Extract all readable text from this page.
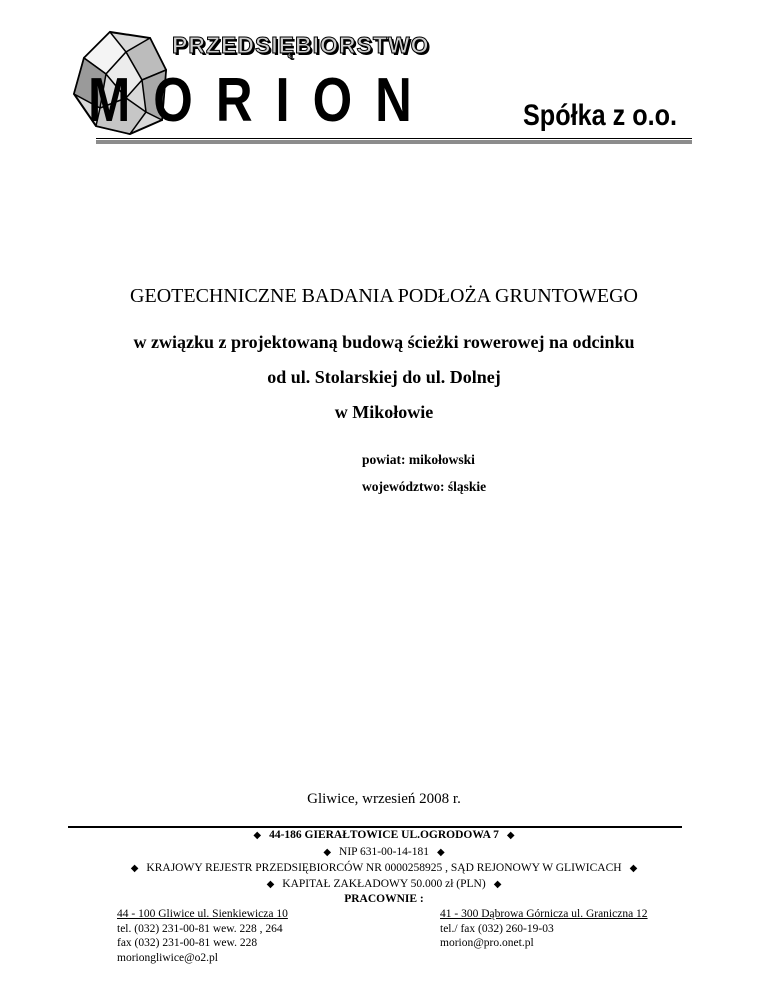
PRZEDSIĘBIORSTWO
MORION	Spółka z o.o.
GEOTECHNICZNE BADANIA PODŁOŻA GRUNTOWEGO
w związku z projektowaną budową ścieżki rowerowej na odcinku
od ul. Stolarskiej do ul. Dolnej
w Mikołowie
powiat: mikołowski
województwo: śląskie
Gliwice, wrzesień 2008 r.
◆ 44-186 GIERAŁTOWICE UL.OGRODOWA 7 ◆
◆ NIP 631-00-14-181 ◆
◆ KRAJOWY REJESTR PRZEDSIĘBIORCÓW NR 0000258925 , SĄD REJONOWY W GLIWICACH ◆
◆ KAPITAŁ ZAKŁADOWY 50.000 zł (PLN) ◆
PRACOWNIE :
44 - 100 Gliwice ul. Sienkiewicza 10
tel. (032) 231-00-81 wew. 228 , 264
fax (032) 231-00-81 wew. 228
moriongliwice@o2.pl
41 - 300 Dąbrowa Górnicza ul. Graniczna 12
tel./ fax (032) 260-19-03
morion@pro.onet.pl
